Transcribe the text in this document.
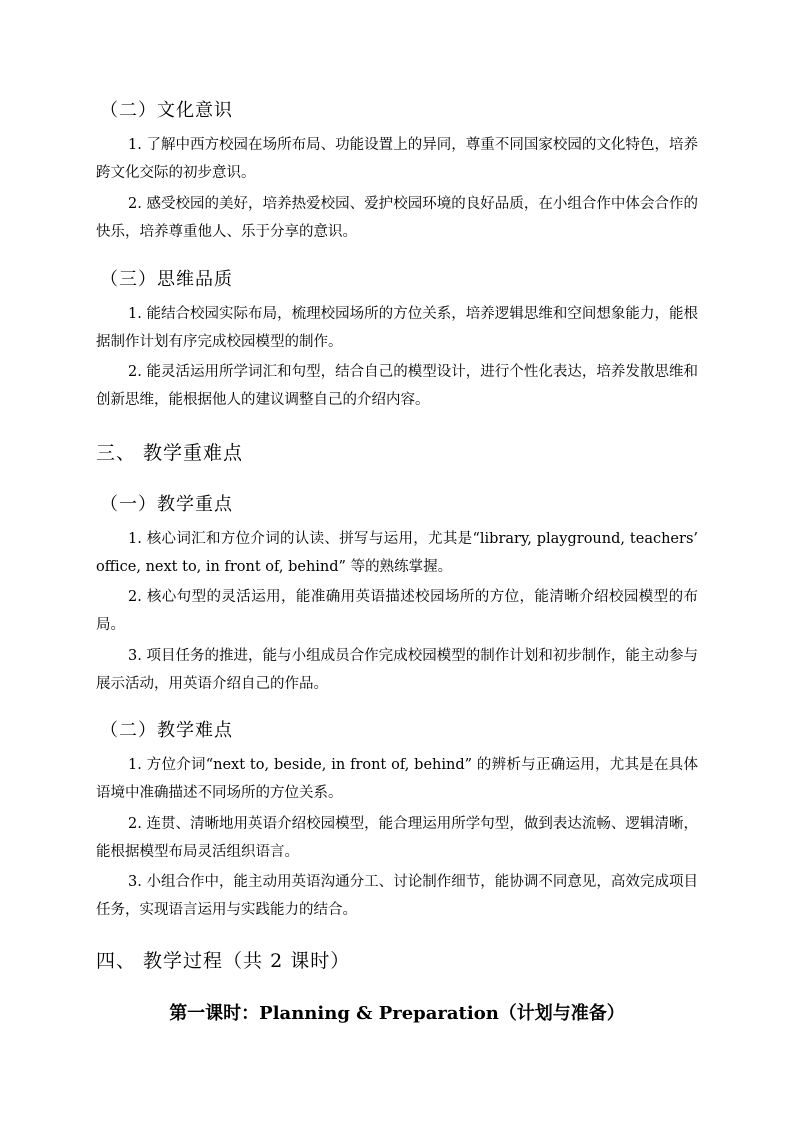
（二）文化意识

1. 了解中西方校园在场所布局、功能设置上的异同，尊重不同国家校园的文化特色，培养跨文化交际的初步意识。

2. 感受校园的美好，培养热爱校园、爱护校园环境的良好品质，在小组合作中体会合作的快乐，培养尊重他人、乐于分享的意识。

（三）思维品质

1. 能结合校园实际布局，梳理校园场所的方位关系，培养逻辑思维和空间想象能力，能根据制作计划有序完成校园模型的制作。

2. 能灵活运用所学词汇和句型，结合自己的模型设计，进行个性化表达，培养发散思维和创新思维，能根据他人的建议调整自己的介绍内容。

三、 教学重难点
（一）教学重点

1. 核心词汇和方位介词的认读、拼写与运用，尤其是“library, playground, teachers’ office, next to, in front of, behind” 等的熟练掌握。

2. 核心句型的灵活运用，能准确用英语描述校园场所的方位，能清晰介绍校园模型的布局。

3. 项目任务的推进，能与小组成员合作完成校园模型的制作计划和初步制作，能主动参与展示活动，用英语介绍自己的作品。

（二）教学难点

1. 方位介词“next to, beside, in front of, behind” 的辨析与正确运用，尤其是在具体语境中准确描述不同场所的方位关系。

2. 连贯、清晰地用英语介绍校园模型，能合理运用所学句型，做到表达流畅、逻辑清晰，能根据模型布局灵活组织语言。

3. 小组合作中，能主动用英语沟通分工、讨论制作细节，能协调不同意见，高效完成项目任务，实现语言运用与实践能力的结合。

四、 教学过程（共 2 课时）
第一课时：Planning & Preparation（计划与准备）
